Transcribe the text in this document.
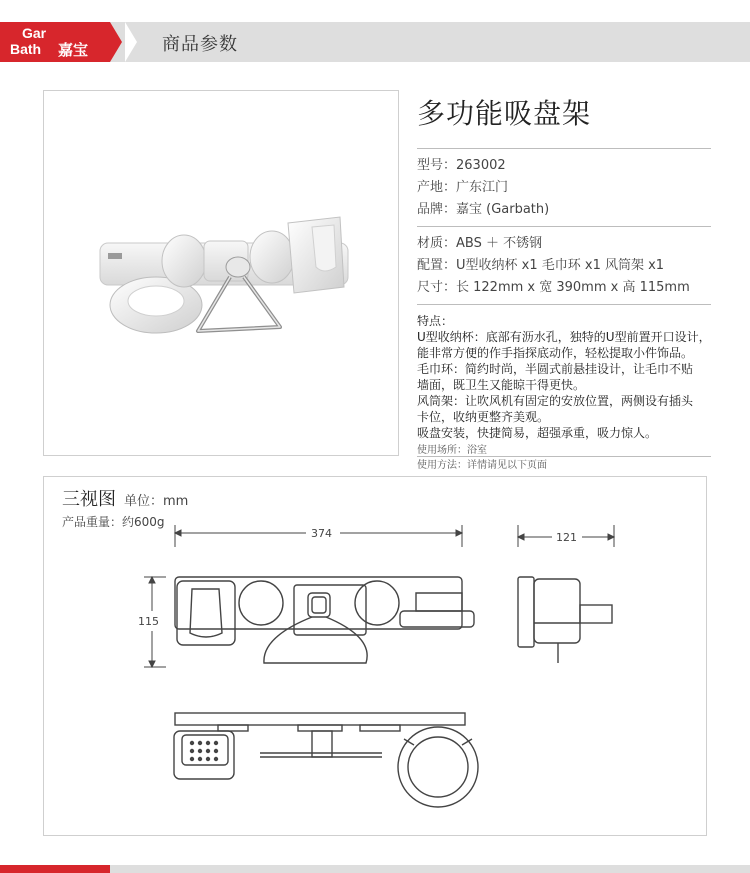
Gar
Bath	嘉宝	商品参数
多功能吸盘架
型号：263002
产地：广东江门
品牌：嘉宝 (Garbath)
材质：ABS ＋ 不锈钢
配置：U型收纳杯 x1 毛巾环 x1 风筒架 x1
尺寸：长 122mm x 宽 390mm x 高 115mm
特点：
U型收纳杯：底部有沥水孔，独特的U型前置开口设计，
能非常方便的作手指探底动作，轻松提取小件饰品。
毛巾环：简约时尚，半圆式前悬挂设计，让毛巾不贴
墙面，既卫生又能晾干得更快。
风筒架：让吹风机有固定的安放位置，两侧设有插头
卡位，收纳更整齐美观。
吸盘安装，快捷简易，超强承重，吸力惊人。
使用场所：浴室
使用方法：详情请见以下页面
三视图 单位：mm
产品重量：约600g
374	121
115
